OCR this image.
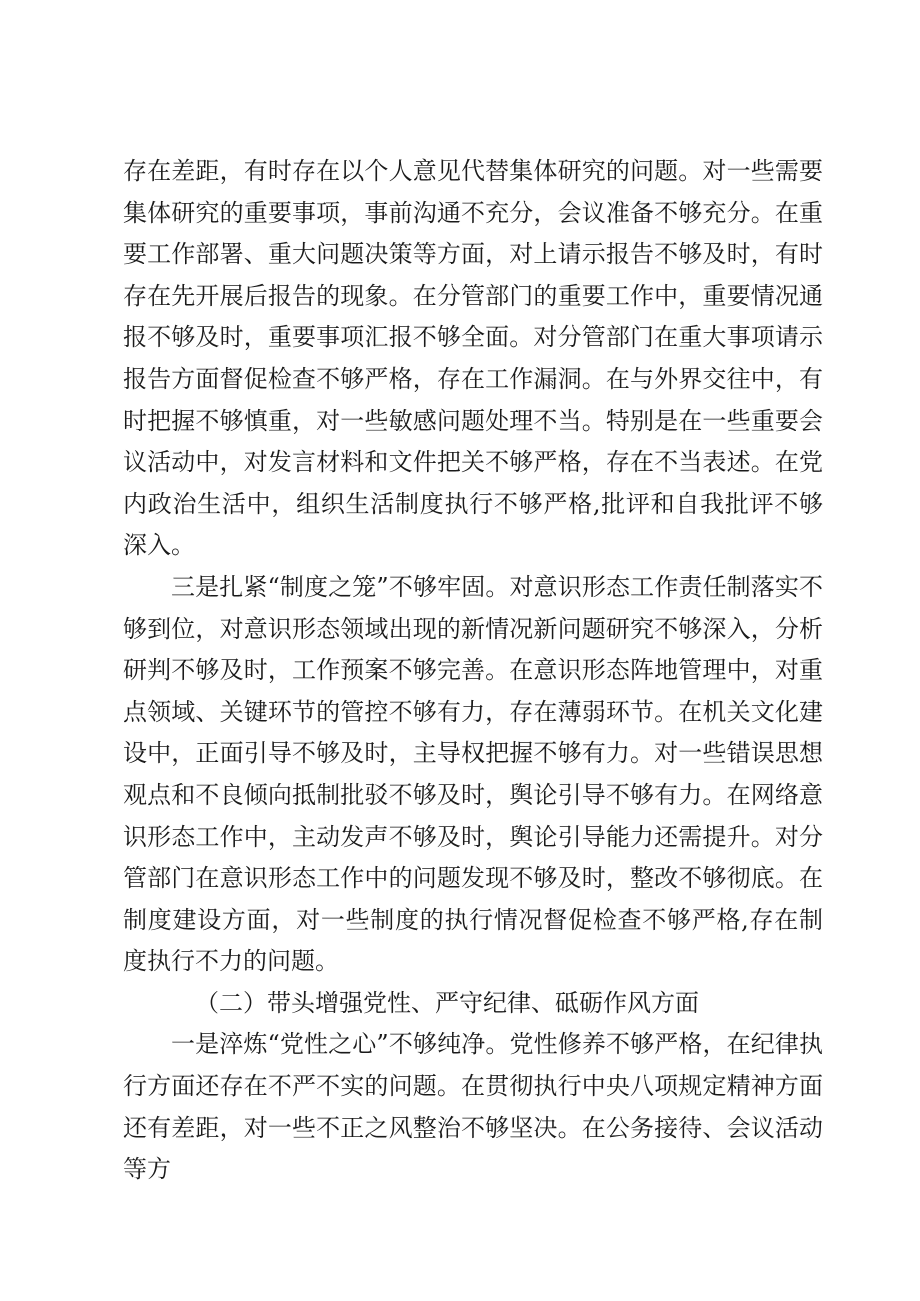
存在差距，有时存在以个人意见代替集体研究的问题。对一些需要集体研究的重要事项，事前沟通不充分，会议准备不够充分。在重要工作部署、重大问题决策等方面，对上请示报告不够及时，有时存在先开展后报告的现象。在分管部门的重要工作中，重要情况通报不够及时，重要事项汇报不够全面。对分管部门在重大事项请示报告方面督促检查不够严格，存在工作漏洞。在与外界交往中，有时把握不够慎重，对一些敏感问题处理不当。特别是在一些重要会议活动中，对发言材料和文件把关不够严格，存在不当表述。在党内政治生活中，组织生活制度执行不够严格,批评和自我批评不够深入。

三是扎紧“制度之笼”不够牢固。对意识形态工作责任制落实不够到位，对意识形态领域出现的新情况新问题研究不够深入，分析研判不够及时，工作预案不够完善。在意识形态阵地管理中，对重点领域、关键环节的管控不够有力，存在薄弱环节。在机关文化建设中，正面引导不够及时，主导权把握不够有力。对一些错误思想观点和不良倾向抵制批驳不够及时，舆论引导不够有力。在网络意识形态工作中，主动发声不够及时，舆论引导能力还需提升。对分管部门在意识形态工作中的问题发现不够及时，整改不够彻底。在制度建设方面，对一些制度的执行情况督促检查不够严格,存在制度执行不力的问题。

（二）带头增强党性、严守纪律、砥砺作风方面

一是淬炼“党性之心”不够纯净。党性修养不够严格，在纪律执行方面还存在不严不实的问题。在贯彻执行中央八项规定精神方面还有差距，对一些不正之风整治不够坚决。在公务接待、会议活动等方
